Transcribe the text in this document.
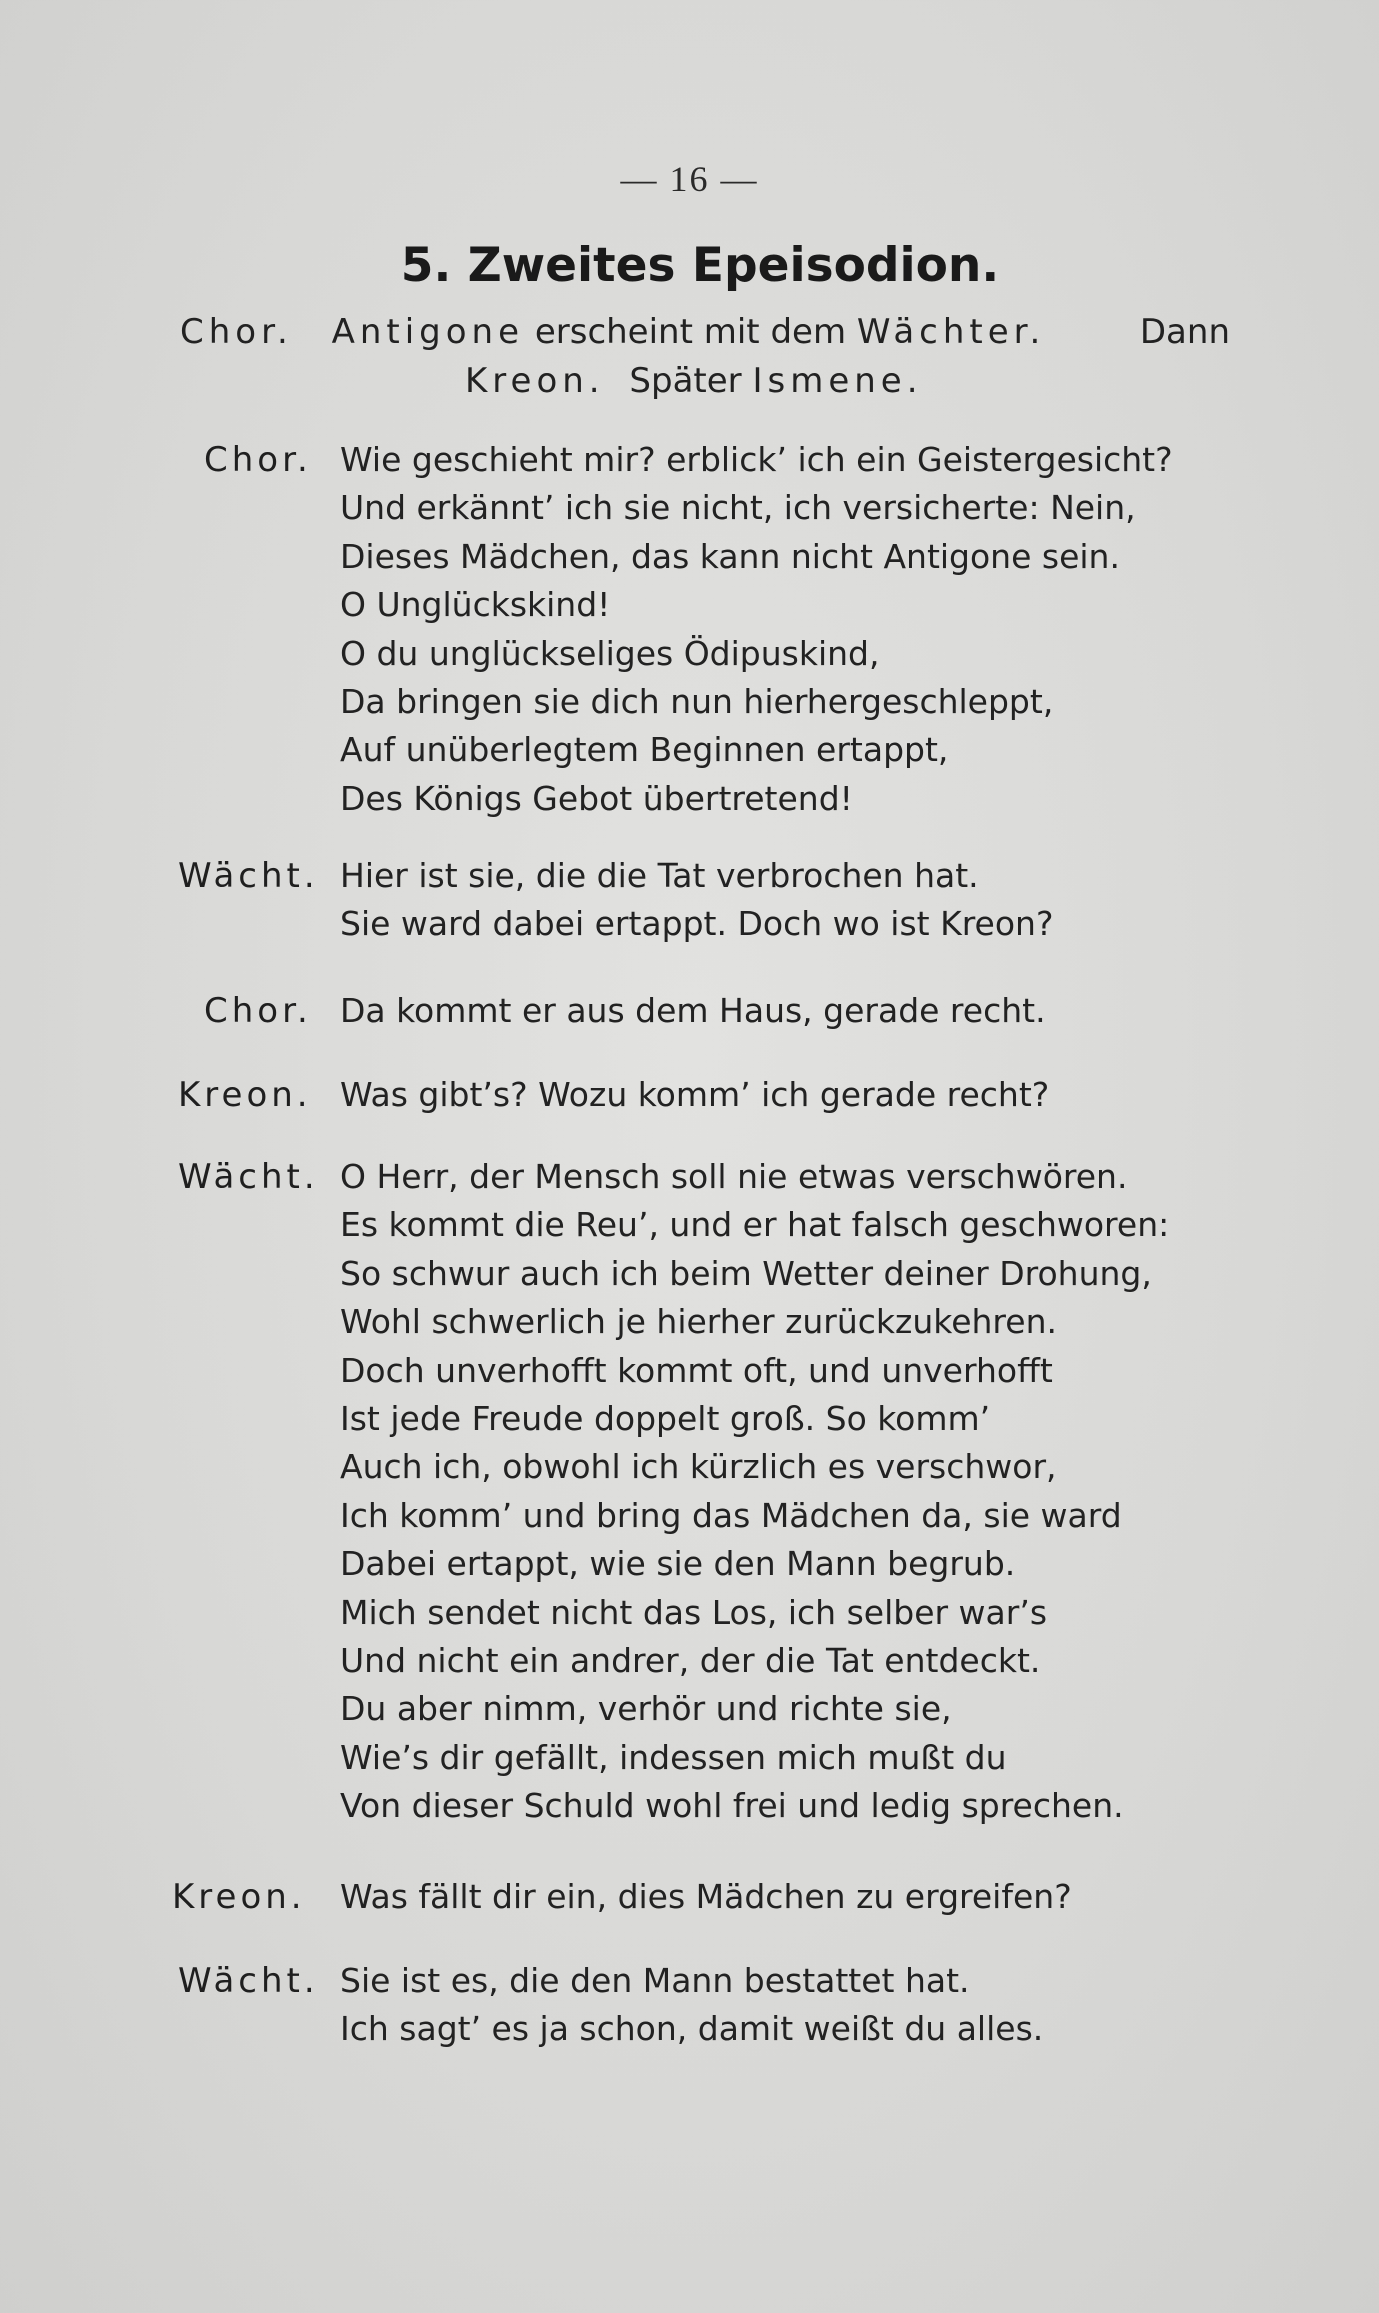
— 16 —
5. Zweites Epeisodion.
Chor. Antigone erscheint mit dem Wächter.	Dann
Kreon. Später Ismene.
Chor. Wie geschieht mir? erblick’ ich ein Geistergesicht?
Und erkännt’ ich sie nicht, ich versicherte: Nein,
Dieses Mädchen, das kann nicht Antigone sein.
O Unglückskind!
O du unglückseliges Ödipuskind,
Da bringen sie dich nun hierhergeschleppt,
Auf unüberlegtem Beginnen ertappt,
Des Königs Gebot übertretend!
Wächt. Hier ist sie, die die Tat verbrochen hat.
Sie ward dabei ertappt. Doch wo ist Kreon?
Chor. Da kommt er aus dem Haus, gerade recht.
Kreon. Was gibt’s? Wozu komm’ ich gerade recht?
Wächt. O Herr, der Mensch soll nie etwas verschwören.
Es kommt die Reu’, und er hat falsch geschworen:
So schwur auch ich beim Wetter deiner Drohung,
Wohl schwerlich je hierher zurückzukehren.
Doch unverhofft kommt oft, und unverhofft
Ist jede Freude doppelt groß. So komm’
Auch ich, obwohl ich kürzlich es verschwor,
Ich komm’ und bring das Mädchen da, sie ward
Dabei ertappt, wie sie den Mann begrub.
Mich sendet nicht das Los, ich selber war’s
Und nicht ein andrer, der die Tat entdeckt.
Du aber nimm, verhör und richte sie,
Wie’s dir gefällt, indessen mich mußt du
Von dieser Schuld wohl frei und ledig sprechen.
Kreon.	Was fällt dir ein, dies Mädchen zu ergreifen?
Wächt. Sie ist es, die den Mann bestattet hat.
Ich sagt’ es ja schon, damit weißt du alles.
